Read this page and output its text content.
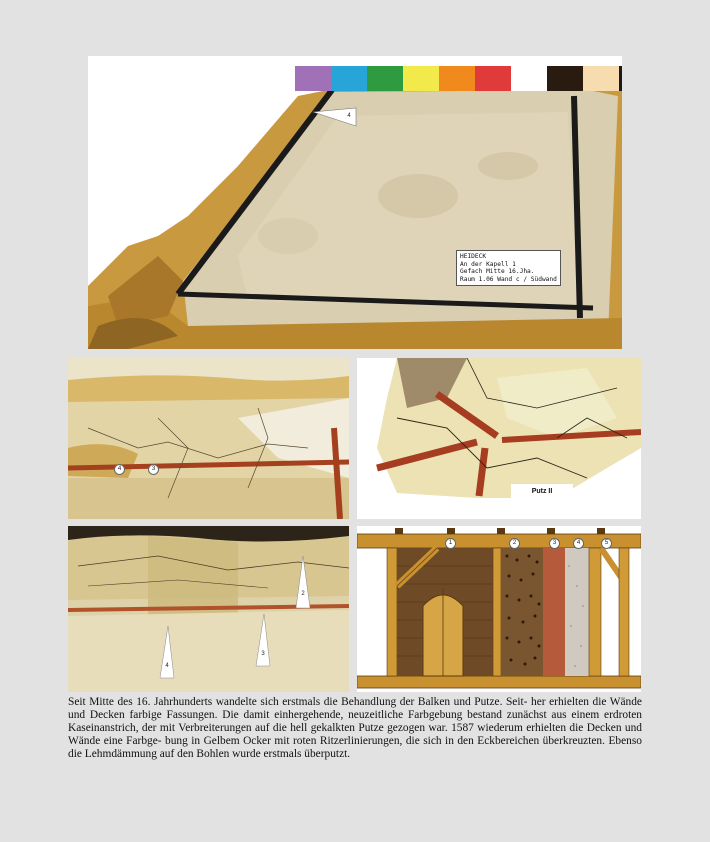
4
HEIDECK
An der Kapell 1
Gefach Mitte 16.Jha.
Raum 1.06 Wand c / Südwand
4	3
Putz II
2
4
3
1	2	3	4	5

Seit Mitte des 16. Jahrhunderts wandelte sich erstmals die Behandlung der Balken und Putze. Seit- her erhielten die Wände und Decken farbige Fassungen. Die damit einhergehende, neuzeitliche Farbgebung bestand zunächst aus einem erdroten Kaseinanstrich, der mit Verbreiterungen auf die hell gekalkten Putze gezogen war. 1587 wiederum erhielten die Decken und Wände eine Farbge- bung in Gelbem Ocker mit roten Ritzerlinierungen, die sich in den Eckbereichen überkreuzten. Ebenso die Lehmdämmung auf den Bohlen wurde erstmals überputzt.
